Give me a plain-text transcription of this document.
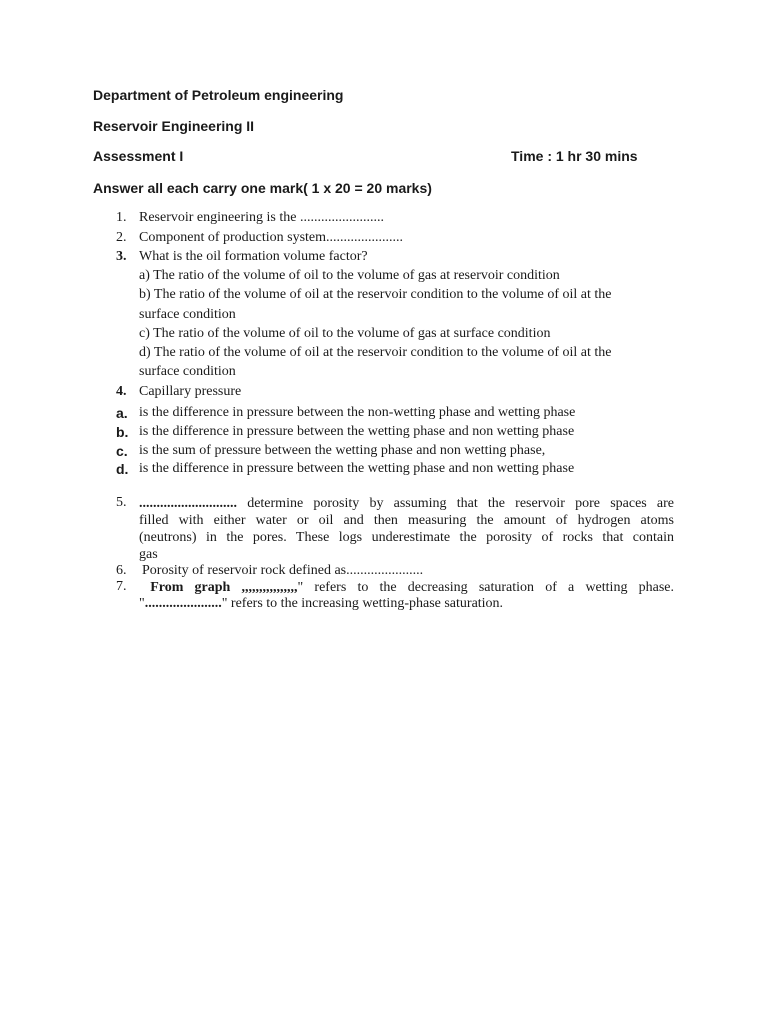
Department of Petroleum engineering
Reservoir Engineering II
Assessment I	Time : 1 hr 30 mins
Answer all each carry one mark( 1 x 20 = 20 marks)
1. Reservoir engineering is the ........................
2. Component of production system......................
3. What is the oil formation volume factor?
a) The ratio of the volume of oil to the volume of gas at reservoir condition
b) The ratio of the volume of oil at the reservoir condition to the volume of oil at the
surface condition
c) The ratio of the volume of oil to the volume of gas at surface condition
d) The ratio of the volume of oil at the reservoir condition to the volume of oil at the
surface condition
4. Capillary pressure
a. is the difference in pressure between the non-wetting phase and wetting phase
b. is the difference in pressure between the wetting phase and non wetting phase
c. is the sum of pressure between the wetting phase and non wetting phase,
d. is the difference in pressure between the wetting phase and non wetting phase
5. ............................ determine porosity by assuming that the reservoir pore spaces are
filled with either water or oil and then measuring the amount of hydrogen atoms
(neutrons) in the pores. These logs underestimate the porosity of rocks that contain
gas
6.	Porosity of reservoir rock defined as......................
7.	From graph ,,,,,,,,,,,,,,,," refers to the decreasing saturation of a wetting phase.
"......................" refers to the increasing wetting-phase saturation.
